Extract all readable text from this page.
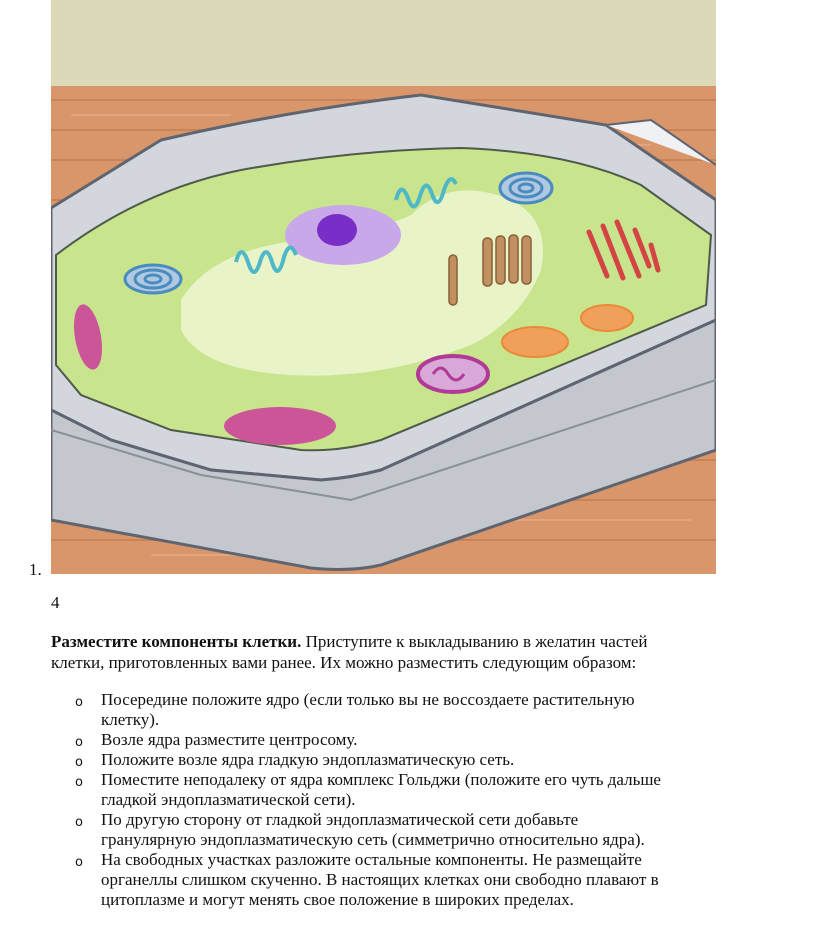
1.
4
Разместите компоненты клетки. Приступите к выкладыванию в желатин частей клетки, приготовленных вами ранее. Их можно разместить следующим образом:
o Посередине положите ядро (если только вы не воссоздаете растительную клетку).
o Возле ядра разместите центросому.
o Положите возле ядра гладкую эндоплазматическую сеть.
o Поместите неподалеку от ядра комплекс Гольджи (положите его чуть дальше гладкой эндоплазматической сети).
o По другую сторону от гладкой эндоплазматической сети добавьте гранулярную эндоплазматическую сеть (симметрично относительно ядра).
o На свободных участках разложите остальные компоненты. Не размещайте органеллы слишком скученно. В настоящих клетках они свободно плавают в цитоплазме и могут менять свое положение в широких пределах.
